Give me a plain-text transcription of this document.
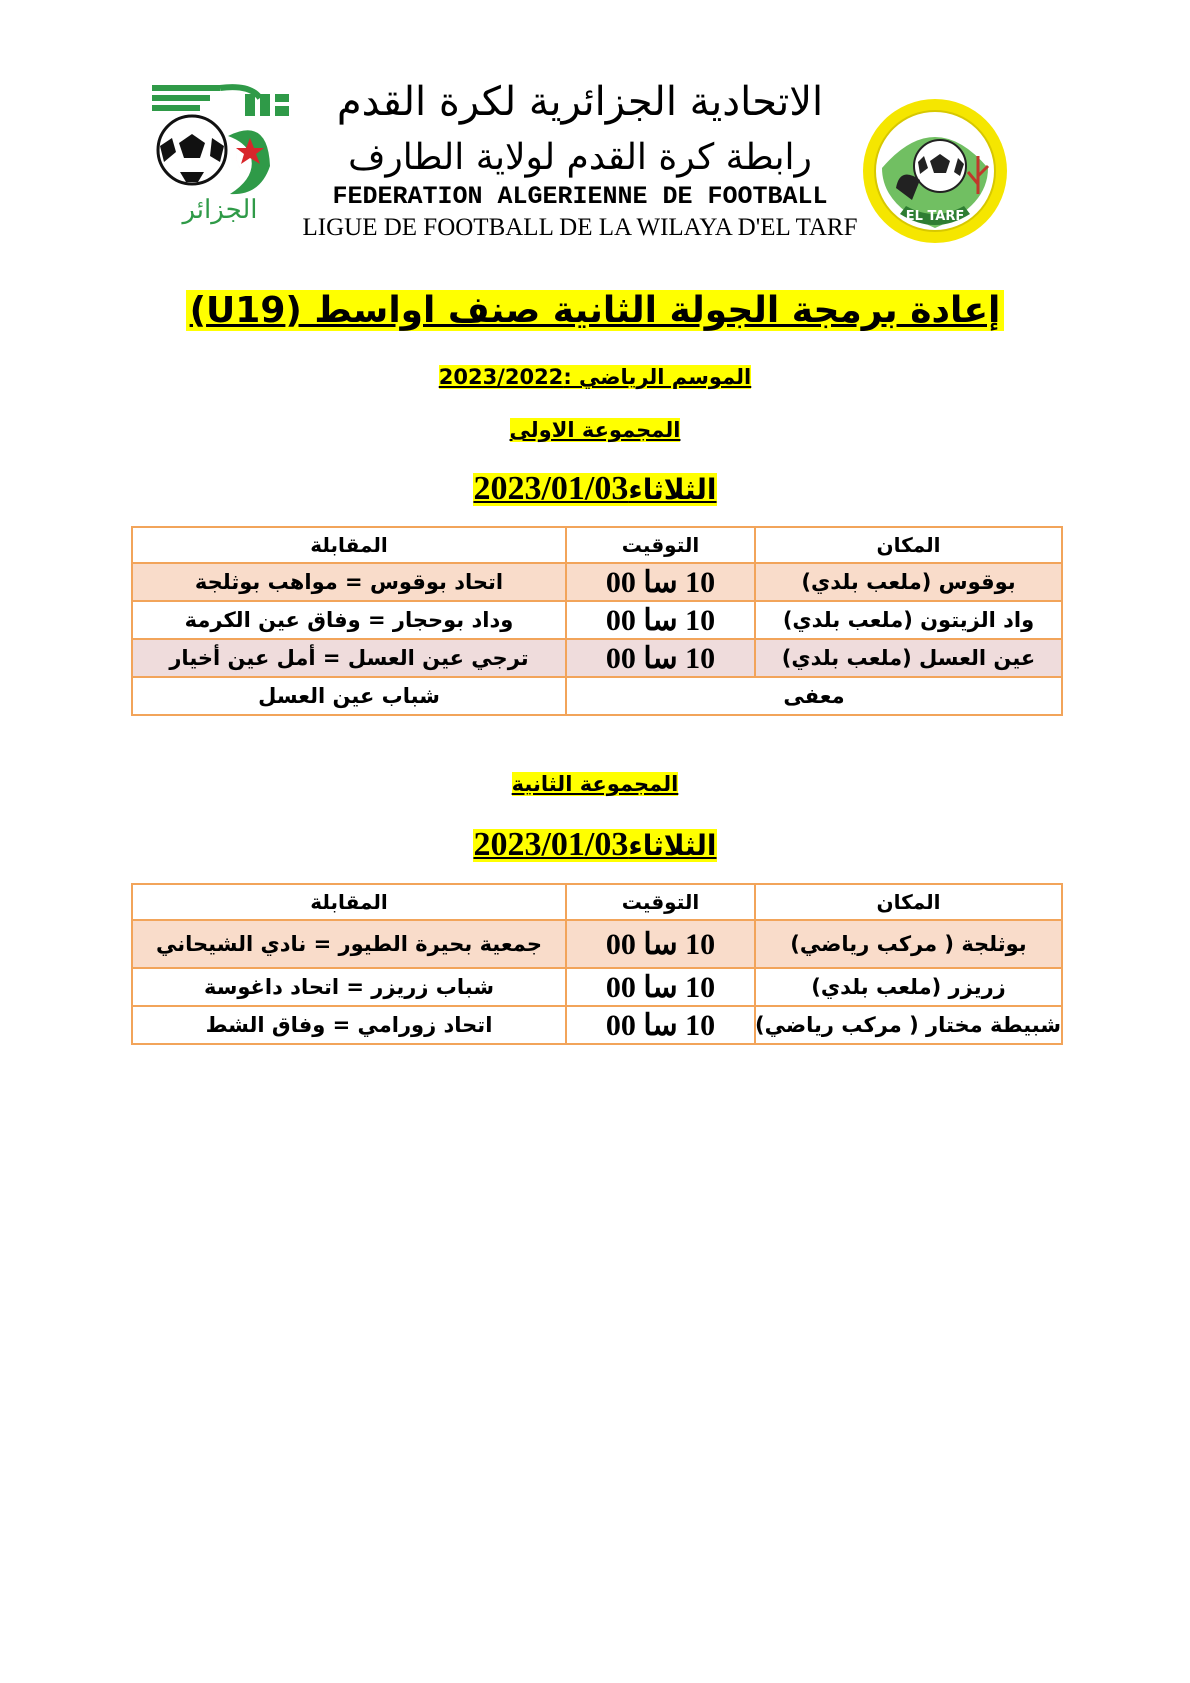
الجزائر
الاتحادية الجزائرية لكرة القدم
رابطة كرة القدم لولاية الطارف
FEDERATION ALGERIENNE DE FOOTBALL
LIGUE DE FOOTBALL DE LA WILAYA D'EL TARF	EL TARF
إعادة برمجة الجولة الثانية صنف اواسط (U19)
الموسم الرياضي :2023/2022
المجموعة الاولى
الثلاثاء2023/01/03
المكان	التوقيت	المقابلة
بوقوس (ملعب بلدي)	10 سا 00	اتحاد بوقوس = مواهب بوثلجة
واد الزيتون (ملعب بلدي)	10 سا 00	وداد بوحجار = وفاق عين الكرمة
عين العسل (ملعب بلدي)	10 سا 00	ترجي عين العسل = أمل عين أخيار
معفى		شباب عين العسل
المجموعة الثانية
الثلاثاء2023/01/03
المكان	التوقيت	المقابلة
بوثلجة ( مركب رياضي)	10 سا 00	جمعية بحيرة الطيور = نادي الشيحاني
زريزر (ملعب بلدي)	10 سا 00	شباب زريزر = اتحاد داغوسة
شبيطة مختار ( مركب رياضي)	10 سا 00	اتحاد زورامي = وفاق الشط
